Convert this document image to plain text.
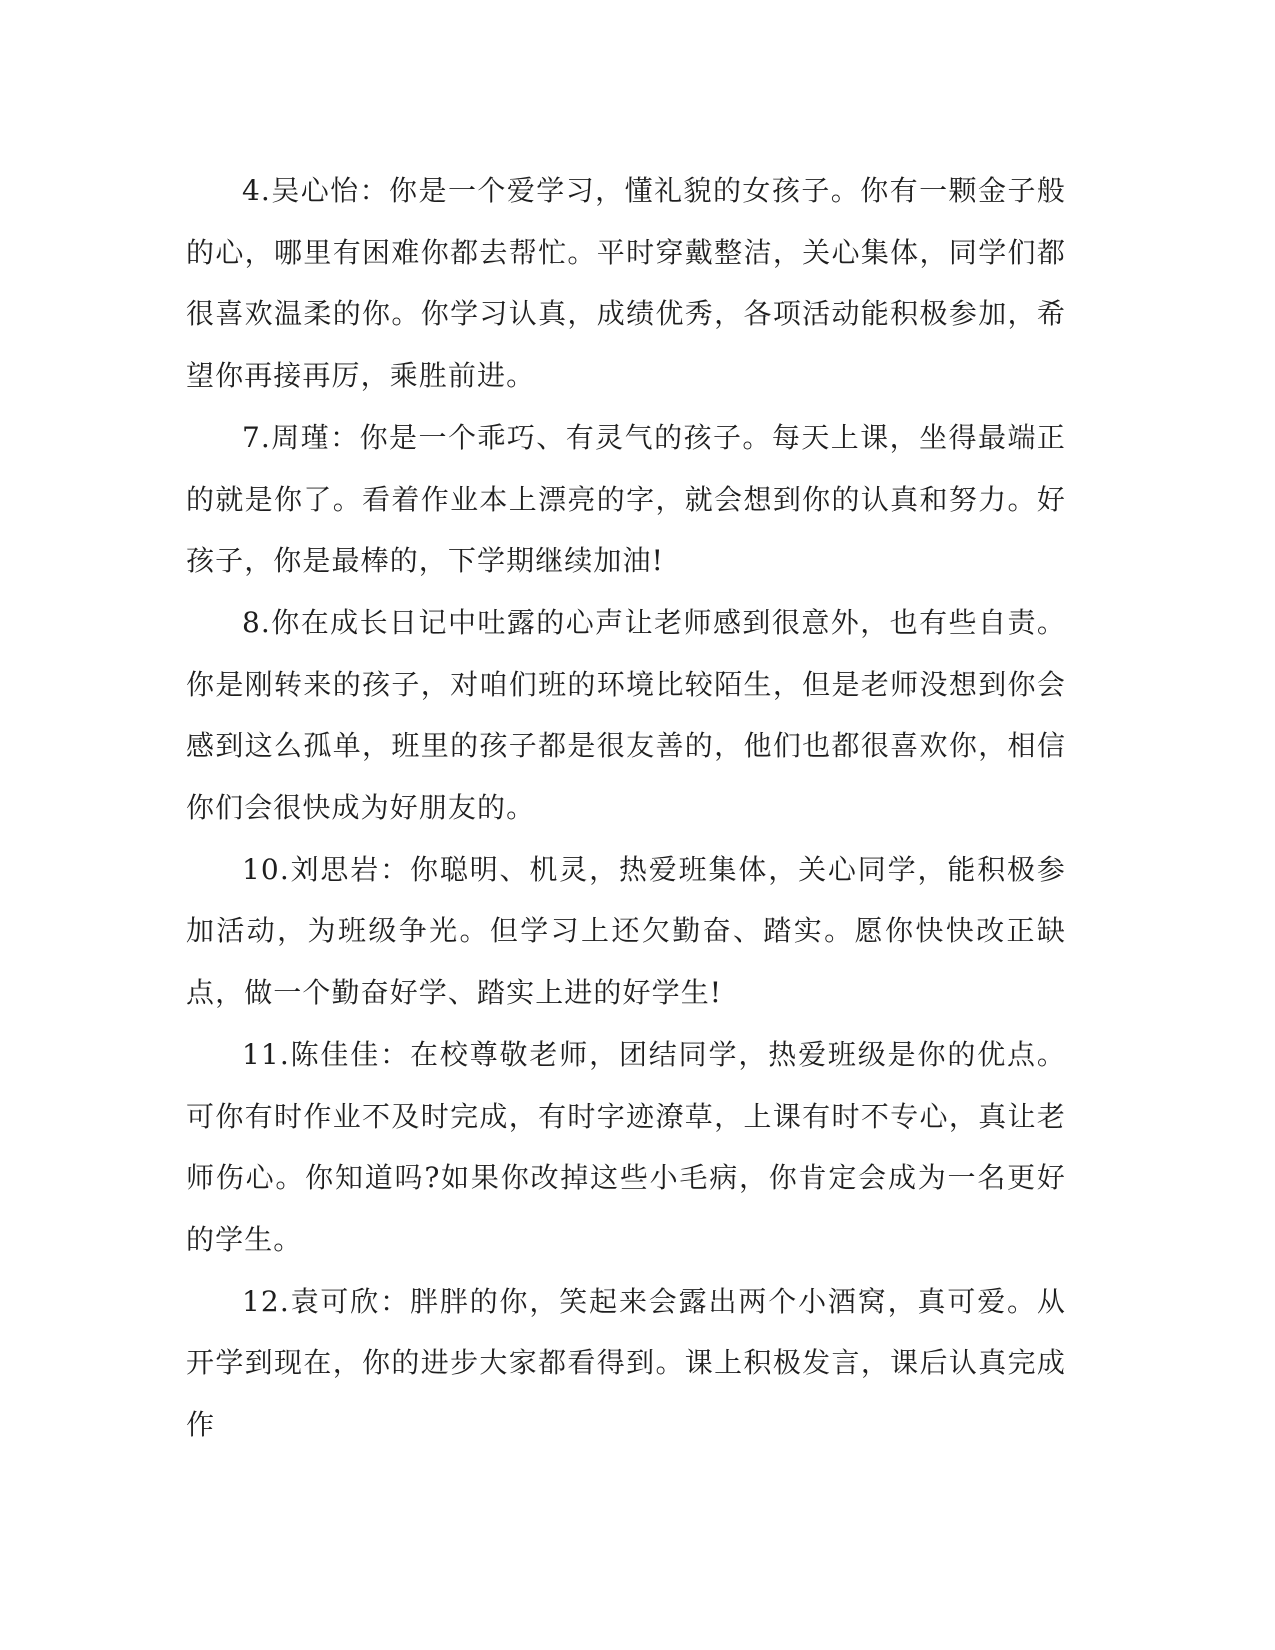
4.吴心怡：你是一个爱学习，懂礼貌的女孩子。你有一颗金子般的心，哪里有困难你都去帮忙。平时穿戴整洁，关心集体，同学们都很喜欢温柔的你。你学习认真，成绩优秀，各项活动能积极参加，希望你再接再厉，乘胜前进。

7.周瑾：你是一个乖巧、有灵气的孩子。每天上课，坐得最端正的就是你了。看着作业本上漂亮的字，就会想到你的认真和努力。好孩子，你是最棒的，下学期继续加油!

8.你在成长日记中吐露的心声让老师感到很意外，也有些自责。你是刚转来的孩子，对咱们班的环境比较陌生，但是老师没想到你会感到这么孤单，班里的孩子都是很友善的，他们也都很喜欢你，相信你们会很快成为好朋友的。

10.刘思岩：你聪明、机灵，热爱班集体，关心同学，能积极参加活动，为班级争光。但学习上还欠勤奋、踏实。愿你快快改正缺点，做一个勤奋好学、踏实上进的好学生!

11.陈佳佳：在校尊敬老师，团结同学，热爱班级是你的优点。可你有时作业不及时完成，有时字迹潦草，上课有时不专心，真让老师伤心。你知道吗?如果你改掉这些小毛病，你肯定会成为一名更好的学生。

12.袁可欣：胖胖的你，笑起来会露出两个小酒窝，真可爱。从开学到现在，你的进步大家都看得到。课上积极发言，课后认真完成作
